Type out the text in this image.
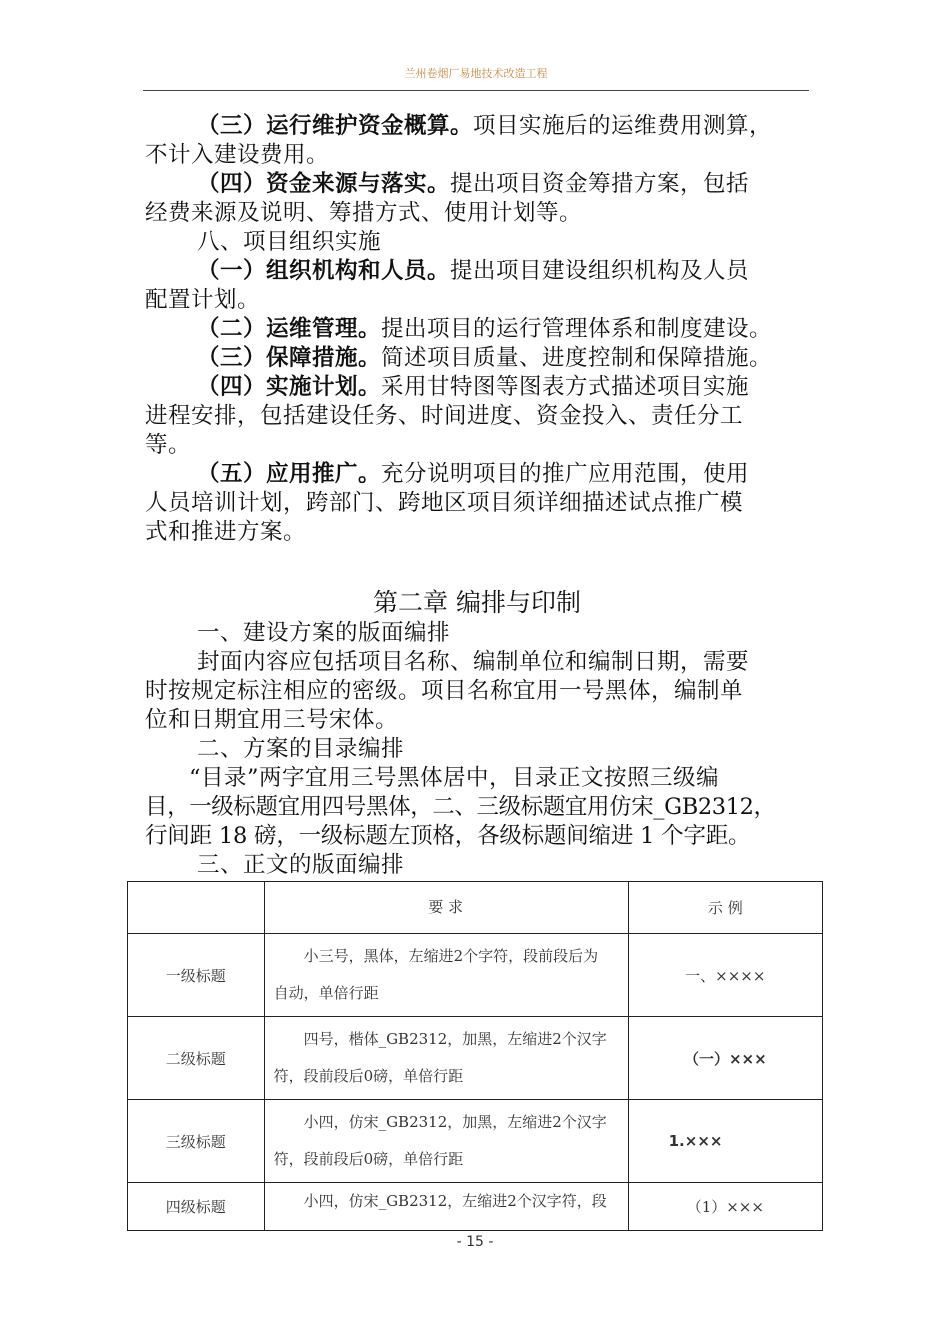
兰州卷烟厂易地技术改造工程

（三）运行维护资金概算。项目实施后的运维费用测算，

不计入建设费用。

（四）资金来源与落实。提出项目资金筹措方案，包括

经费来源及说明、筹措方式、使用计划等。

八、项目组织实施

（一）组织机构和人员。提出项目建设组织机构及人员

配置计划。

（二）运维管理。提出项目的运行管理体系和制度建设。

（三）保障措施。简述项目质量、进度控制和保障措施。

（四）实施计划。采用甘特图等图表方式描述项目实施

进程安排，包括建设任务、时间进度、资金投入、责任分工

等。

（五）应用推广。充分说明项目的推广应用范围，使用

人员培训计划，跨部门、跨地区项目须详细描述试点推广模

式和推进方案。

第二章 编排与印制

一、建设方案的版面编排

封面内容应包括项目名称、编制单位和编制日期，需要

时按规定标注相应的密级。项目名称宜用一号黑体，编制单

位和日期宜用三号宋体。

二、方案的目录编排

“目录”两字宜用三号黑体居中，目录正文按照三级编

目，一级标题宜用四号黑体，二、三级标题宜用仿宋_GB2312，

行间距 18 磅，一级标题左顶格，各级标题间缩进 1 个字距。

三、正文的版面编排

	要 求	示 例
一级标题	小三号，黑体，左缩进2个字符，段前段后为
自动，单倍行距	一、××××
二级标题	四号，楷体_GB2312，加黑，左缩进2个汉字
符，段前段后0磅，单倍行距	（一）×××
三级标题	小四，仿宋_GB2312，加黑，左缩进2个汉字
符，段前段后0磅，单倍行距	1.×××
四级标题	小四，仿宋_GB2312，左缩进2个汉字符，段	（1）×××
- 15 -
